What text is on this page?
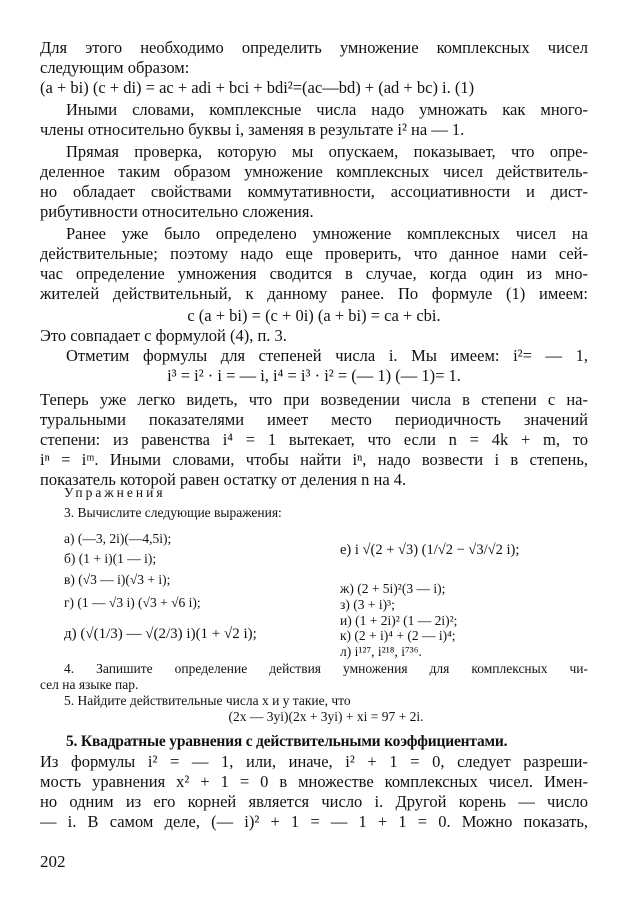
Для этого необходимо определить умножение комплексных чисел
следующим образом:
(a + bi) (c + di) = ac + adi + bci + bdi²=(ac—bd) + (ad + bc) i. (1)
Иными словами, комплексные числа надо умножать как много-
члены относительно буквы i, заменяя в результате i² на — 1.
Прямая проверка, которую мы опускаем, показывает, что опре-
деленное таким образом умножение комплексных чисел действитель-
но обладает свойствами коммутативности, ассоциативности и дист-
рибутивности относительно сложения.
Ранее уже было определено умножение комплексных чисел на
действительные; поэтому надо еще проверить, что данное нами сей-
час определение умножения сводится в случае, когда один из мно-
жителей действительный, к данному ранее. По формуле (1) имеем:
c (a + bi) = (c + 0i) (a + bi) = ca + cbi.
Это совпадает с формулой (4), п. 3.
Отметим формулы для степеней числа i. Мы имеем: i²= — 1,
i³ = i² · i = — i, i⁴ = i³ · i² = (— 1) (— 1)= 1.
Теперь уже легко видеть, что при возведении числа в степени с на-
туральными показателями имеет место периодичность значений
степени: из равенства i⁴ = 1 вытекает, что если n = 4k + m, то
iⁿ = iᵐ. Иными словами, чтобы найти iⁿ, надо возвести i в степень,
показатель которой равен остатку от деления n на 4.
Упражнения
3. Вычислите следующие выражения:
а) (—3, 2i)(—4,5i);
б) (1 + i)(1 — i);
в) (√3 — i)(√3 + i);
г) (1 — √3 i) (√3 + √6 i);
д) (√(1/3) — √(2/3) i)(1 + √2 i);
е) i √(2 + √3) (1/√2 − √3/√2 i);
ж) (2 + 5i)²(3 — i);
з) (3 + i)³;
и) (1 + 2i)² (1 — 2i)²;
к) (2 + i)⁴ + (2 — i)⁴;
л) i¹²⁷, i²¹⁸, i⁷³⁶.
4. Запишите определение действия умножения для комплексных чи-
сел на языке пар.
5. Найдите действительные числа x и y такие, что
(2x — 3yi)(2x + 3yi) + xi = 97 + 2i.
5. Квадратные уравнения с действительными коэффициентами.
Из формулы i² = — 1, или, иначе, i² + 1 = 0, следует разреши-
мость уравнения x² + 1 = 0 в множестве комплексных чисел. Имен-
но одним из его корней является число i. Другой корень — число
— i. В самом деле, (— i)² + 1 = — 1 + 1 = 0. Можно показать,
202
